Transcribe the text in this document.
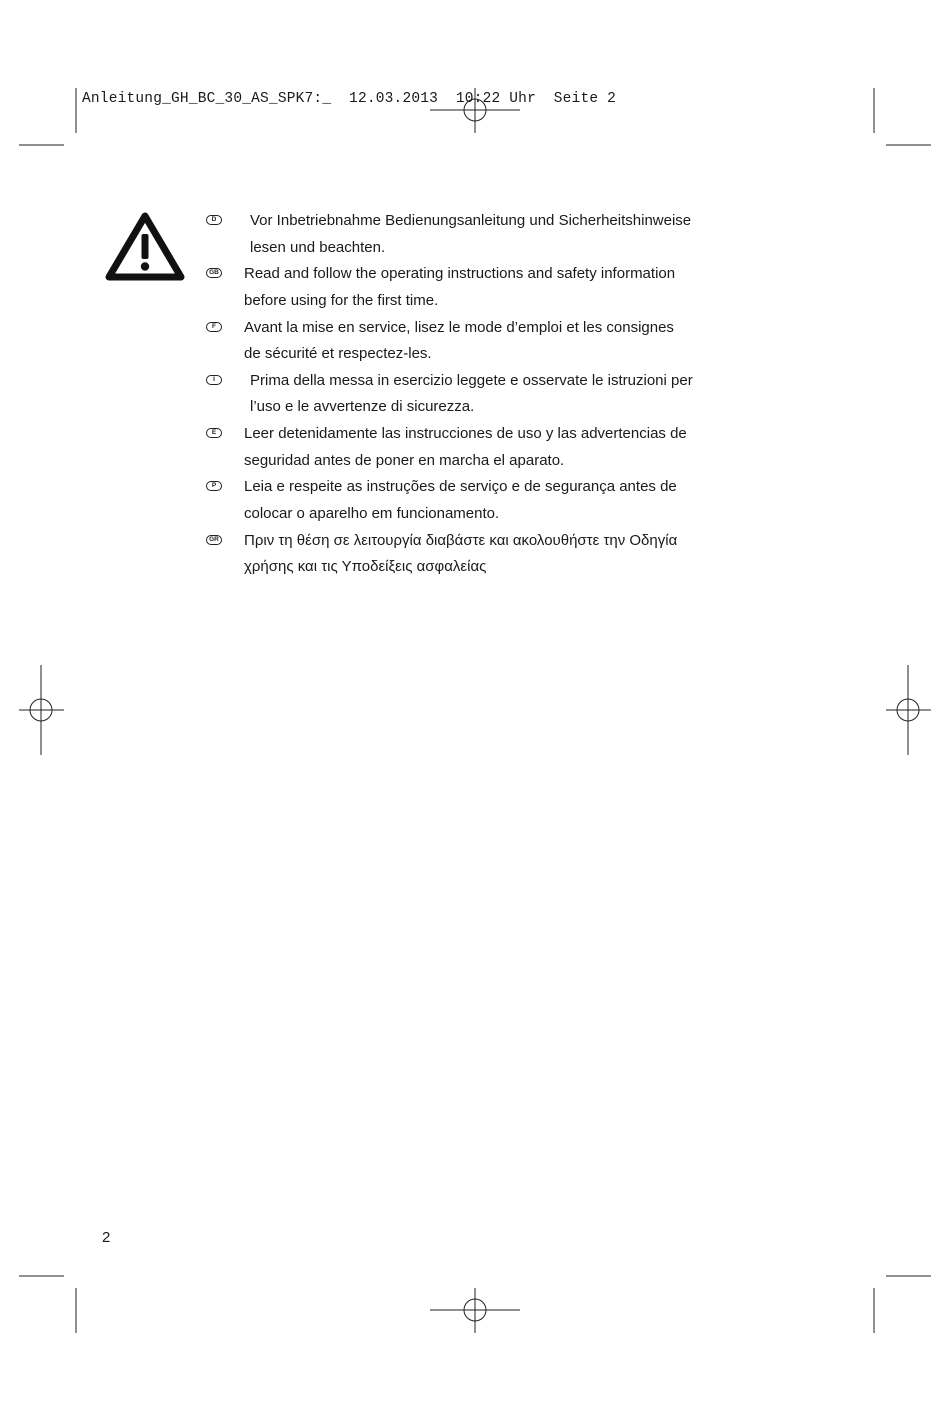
Anleitung_GH_BC_30_AS_SPK7:_  12.03.2013  10:22 Uhr  Seite 2
D	Vor Inbetriebnahme Bedienungsanleitung und Sicherheitshinweise
lesen und beachten.
GB Read and follow the operating instructions and safety information
before using for the first time.
F	Avant la mise en service, lisez le mode d’emploi et les consignes
de sécurité et respectez-les.
I	Prima della messa in esercizio leggete e osservate le istruzioni per
l’uso e le avvertenze di sicurezza.
E	Leer detenidamente las instrucciones de uso y las advertencias de
seguridad antes de poner en marcha el aparato.
P	Leia e respeite as instruções de serviço e de segurança antes de
colocar o aparelho em funcionamento.
GR Πριν τη θέση σε λειτουργία διαβάστε και ακολουθήστε την Οδηγία
χρήσης και τις Υποδείξεις ασφαλείας
2
